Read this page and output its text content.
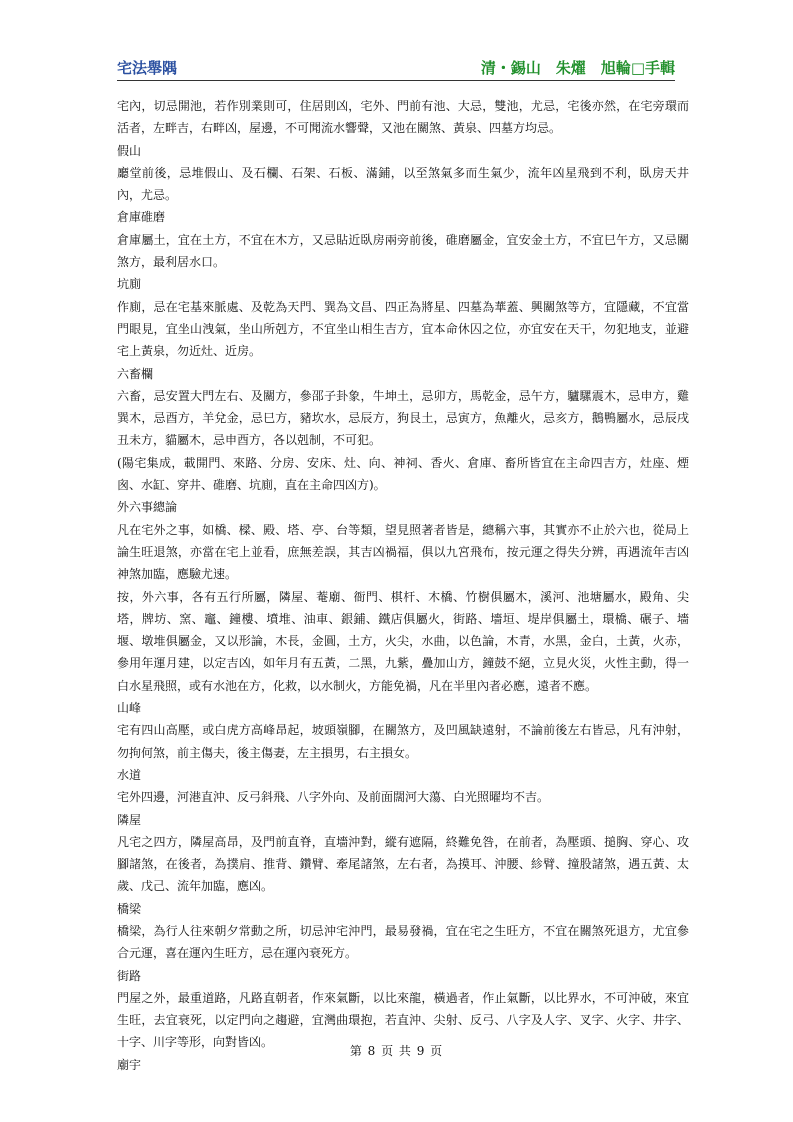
宅法舉隅	清・錫山　朱燿　旭輪□手輯

宅內，切忌開池，若作別業則可，住居則凶，宅外、門前有池、大忌，雙池，尤忌，宅後亦然，在宅旁環而活者，左畔吉，右畔凶，屋邊，不可聞流水響聲，又池在關煞、黃泉、四墓方均忌。

假山

廳堂前後，忌堆假山、及石欄、石架、石板、滿鋪，以至煞氣多而生氣少，流年凶星飛到不利，臥房天井內，尤忌。

倉庫碓磨

倉庫屬土，宜在土方，不宜在木方，又忌貼近臥房兩旁前後，碓磨屬金，宜安金土方，不宜巳午方，又忌關煞方，最利居水口。

坑廁

作廁，忌在宅基來脈處、及乾為天門、巽為文昌、四正為將星、四墓為華蓋、興關煞等方，宜隱藏，不宜當門眼見，宜坐山洩氣，坐山所剋方，不宜坐山相生吉方，宜本命休囚之位，亦宜安在天干，勿犯地支，並避宅上黃泉，勿近灶、近房。

六畜欄

六畜，忌安置大門左右、及關方，參邵子卦象，牛坤土，忌卯方，馬乾金，忌午方，驢騾震木，忌申方，雞巽木，忌酉方，羊兌金，忌巳方，豬坎水，忌辰方，狗艮土，忌寅方，魚離火，忌亥方，鵝鴨屬水，忌辰戌丑未方，貓屬木，忌申酉方，各以剋制，不可犯。

(陽宅集成，載開門、來路、分房、安床、灶、向、神祠、香火、倉庫、畜所皆宜在主命四吉方，灶座、煙囪、水缸、穿井、碓磨、坑廁，直在主命四凶方)。

外六事總論

凡在宅外之事，如橋、樑、殿、塔、亭、台等類，望見照著者皆是，總稱六事，其實亦不止於六也，從局上論生旺退煞，亦當在宅上並看，庶無差誤，其吉凶禍福，俱以九宮飛布，按元運之得失分辨，再遇流年吉凶神煞加臨，應驗尤速。

按，外六事，各有五行所屬，隣屋、菴廟、衙門、棋杆、木橋、竹樹俱屬木，溪河、池塘屬水，殿角、尖塔，牌坊、窯、竈、鐘樓、墳堆、油車、銀鋪、鐵店俱屬火，街路、墻垣、堤岸俱屬土，環橋、碾子、墻堰、墩堆俱屬金，又以形論，木長，金圓，土方，火尖，水曲，以色論，木青，水黑，金白，土黃，火赤，參用年運月建，以定吉凶，如年月有五黃，二黑，九紫，疊加山方，鐘鼓不絕，立見火災，火性主動，得一白水星飛照，或有水池在方，化救，以水制火，方能免禍，凡在半里內者必應，遠者不應。

山峰

宅有四山高壓，或白虎方高峰昂起，坡頭嶺腳，在關煞方，及凹風缺遠射，不論前後左右皆忌，凡有沖射，勿拘何煞，前主傷夫，後主傷妻，左主損男，右主損女。

水道

宅外四邊，河港直沖、反弓斜飛、八字外向、及前面闊河大蕩、白光照曜均不吉。

隣屋

凡宅之四方，隣屋高昂，及門前直脊，直墻沖對，縱有遮隔，終難免咎，在前者，為壓頭、搥胸、穿心、攻腳諸煞，在後者，為撲肩、推背、鑽臂、牽尾諸煞，左右者，為摸耳、沖腰、紾臂、撞股諸煞，遇五黃、太歲、戊己、流年加臨，應凶。

橋梁

橋梁，為行人往來朝夕常動之所，切忌沖宅沖門，最易發禍，宜在宅之生旺方，不宜在關煞死退方，尤宜參合元運，喜在運內生旺方，忌在運內衰死方。

街路

門屋之外，最重道路，凡路直朝者，作來氣斷，以比來龍，橫過者，作止氣斷，以比界水，不可沖破，來宜生旺，去宜衰死，以定門向之趨避，宜灣曲環抱，若直沖、尖射、反弓、八字及人字、叉字、火字、井字、十字、川字等形，向對皆凶。

廟宇

第 8 页 共 9 页
